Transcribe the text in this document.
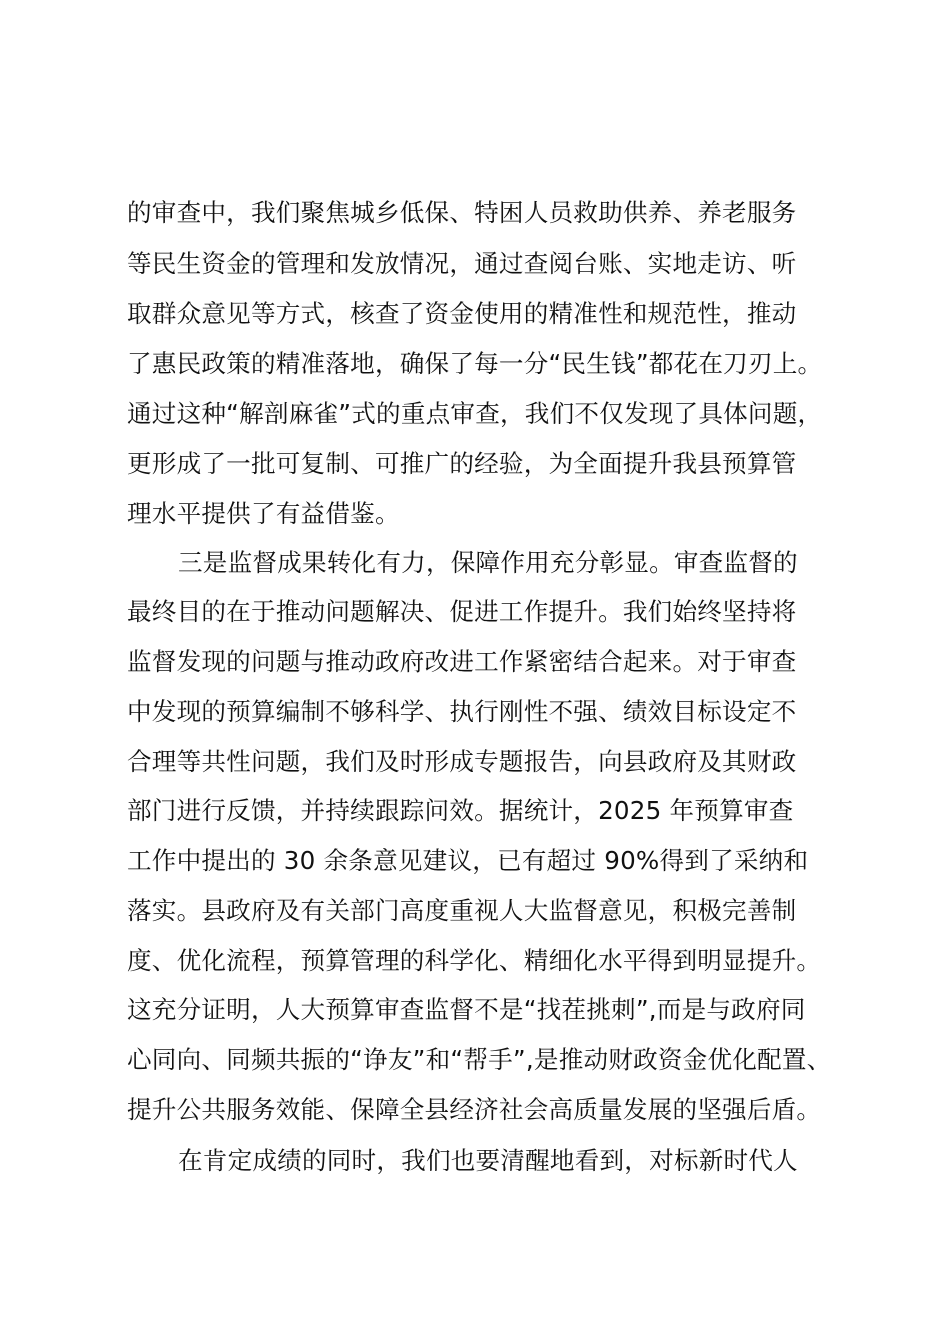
的审查中，我们聚焦城乡低保、特困人员救助供养、养老服务
等民生资金的管理和发放情况，通过查阅台账、实地走访、听
取群众意见等方式，核查了资金使用的精准性和规范性，推动
了惠民政策的精准落地，确保了每一分“民生钱”都花在刀刃上。
通过这种“解剖麻雀”式的重点审查，我们不仅发现了具体问题，
更形成了一批可复制、可推广的经验，为全面提升我县预算管
理水平提供了有益借鉴。
三是监督成果转化有力，保障作用充分彰显。审查监督的
最终目的在于推动问题解决、促进工作提升。我们始终坚持将
监督发现的问题与推动政府改进工作紧密结合起来。对于审查
中发现的预算编制不够科学、执行刚性不强、绩效目标设定不
合理等共性问题，我们及时形成专题报告，向县政府及其财政
部门进行反馈，并持续跟踪问效。据统计，2025 年预算审查
工作中提出的 30 余条意见建议，已有超过 90%得到了采纳和
落实。县政府及有关部门高度重视人大监督意见，积极完善制
度、优化流程，预算管理的科学化、精细化水平得到明显提升。
这充分证明，人大预算审查监督不是“找茬挑刺”,而是与政府同
心同向、同频共振的“诤友”和“帮手”,是推动财政资金优化配置、
提升公共服务效能、保障全县经济社会高质量发展的坚强后盾。
在肯定成绩的同时，我们也要清醒地看到，对标新时代人
